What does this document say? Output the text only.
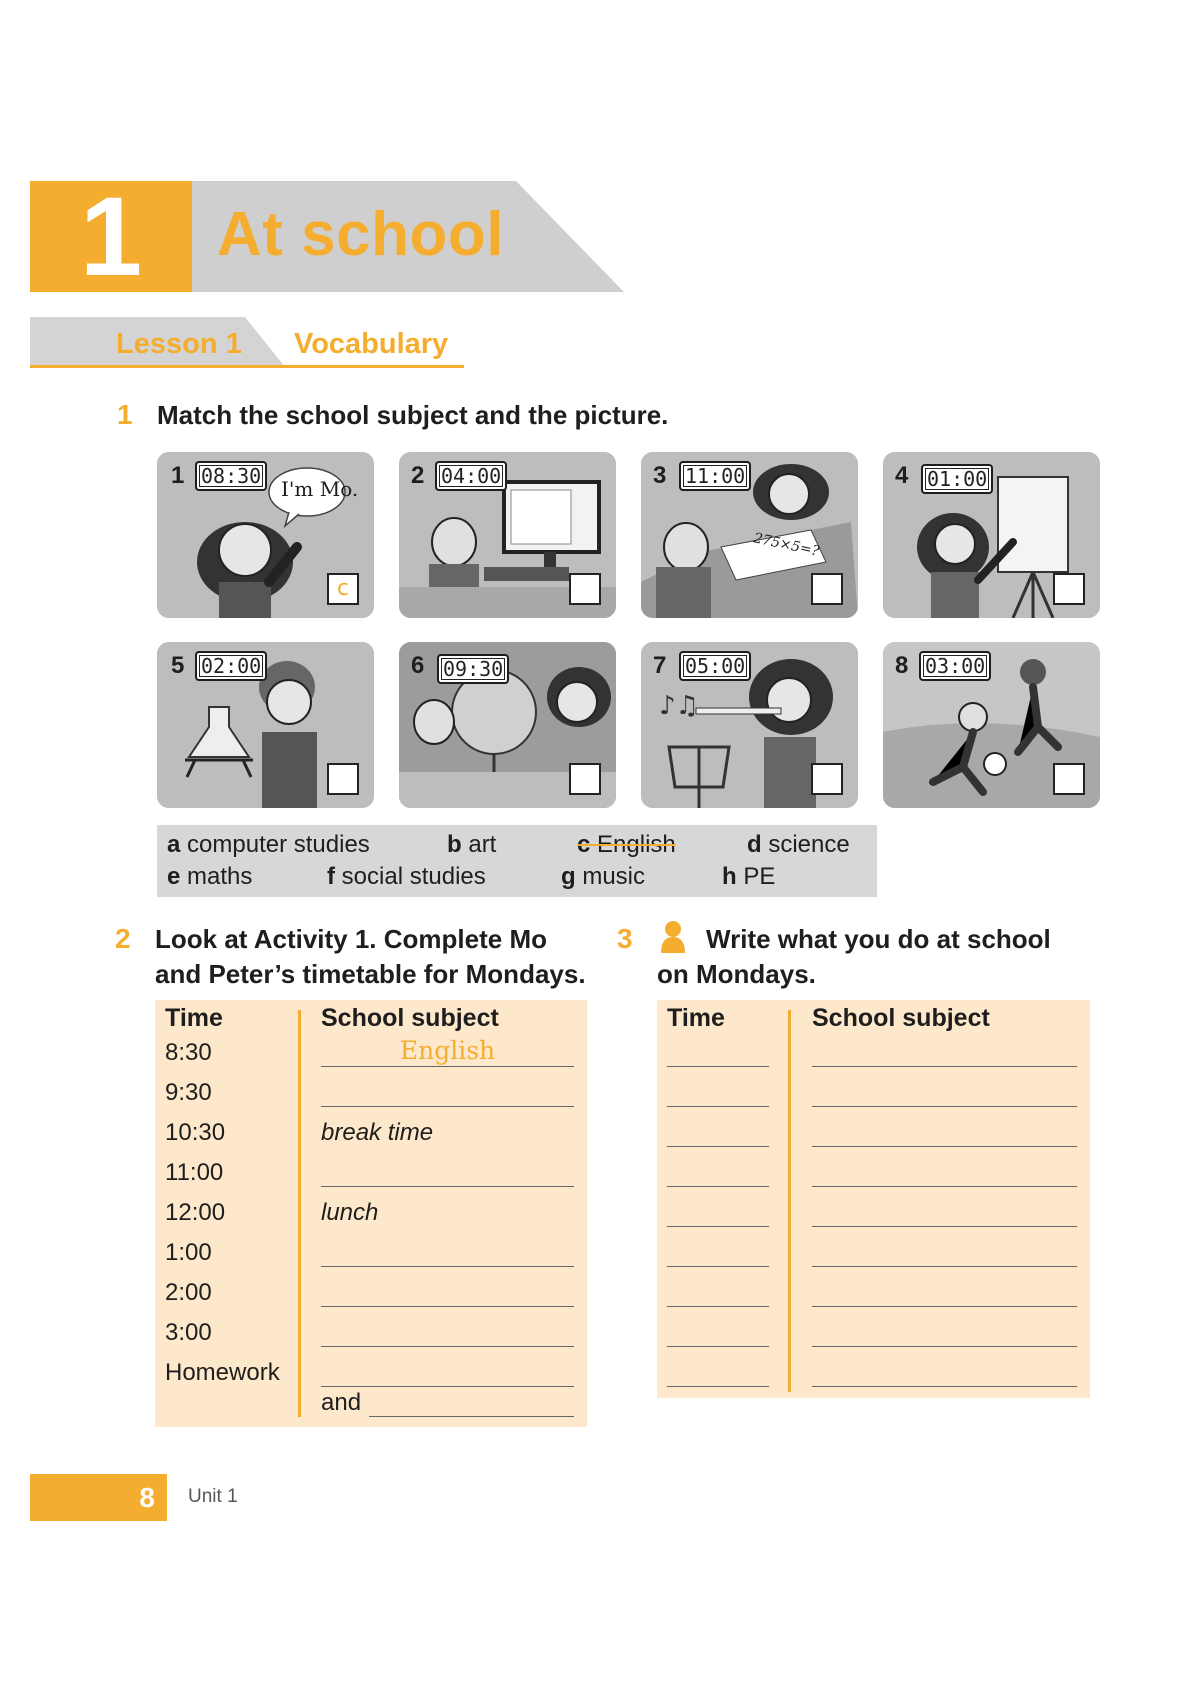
1	At school
Lesson 1 Vocabulary
1 Match the school subject and the picture.
1 08:30
I'm Mo.
c
2 04:00	3 11:00
275×5=?
4 01:00
5 02:00	6 09:30
♪♫
7 05:00	8 03:00
a computer studies	b art	c English	d science
e maths	f social studies	g music	h PE
2 Look at Activity 1. Complete Mo
and Peter’s timetable for Mondays.
Time	School subject
8:30	English
9:30
10:30	break time
11:00
12:00	lunch
1:00
2:00
3:00
Homework
and
3	Write what you do at school
on Mondays.
Time	School subject
8 Unit 1
